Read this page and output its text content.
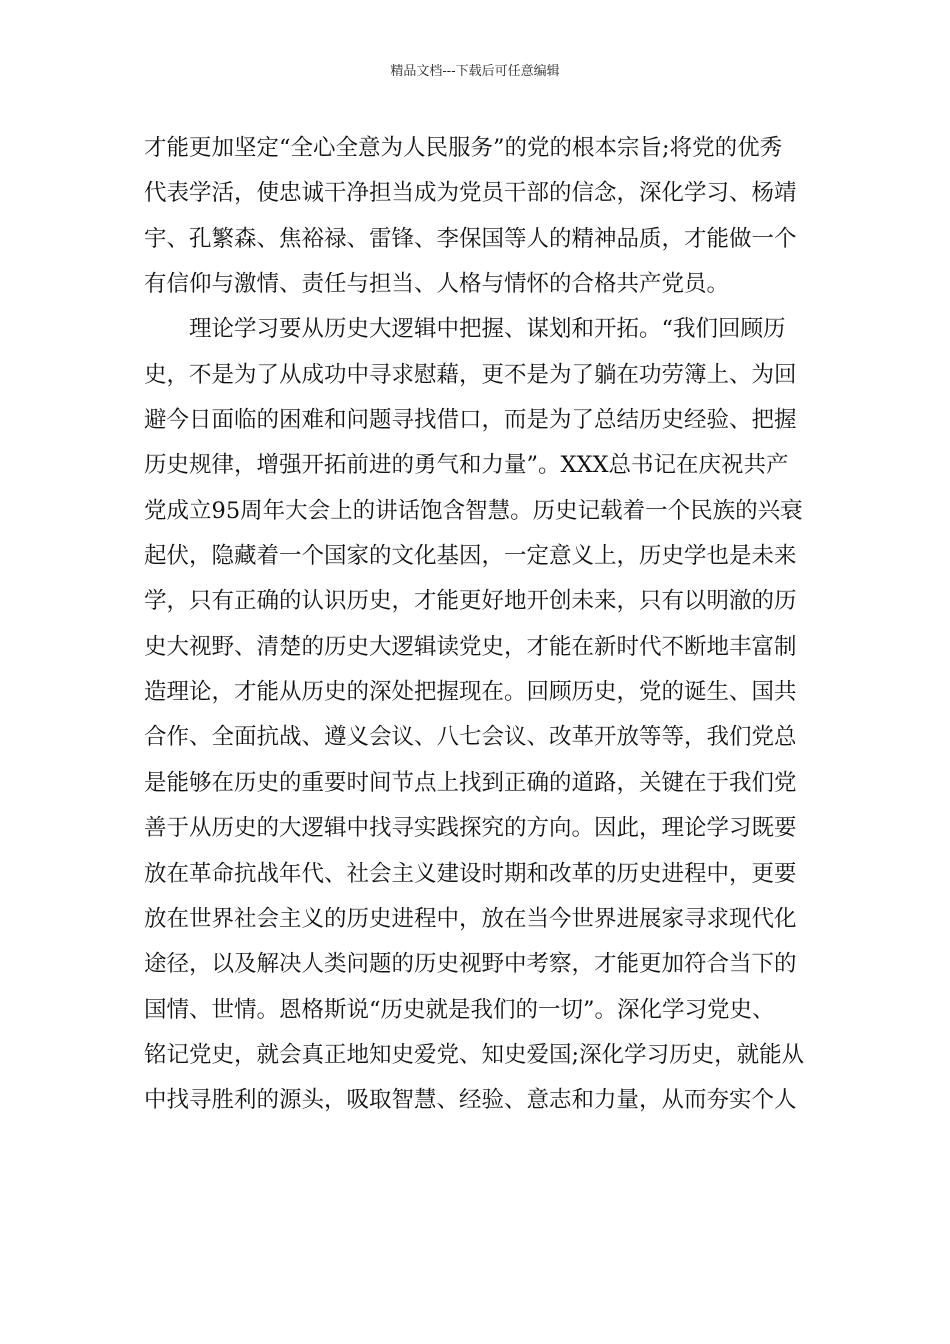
精品文档---下载后可任意编辑
才能更加坚定“全心全意为人民服务”的党的根本宗旨;将党的优秀
代表学活，使忠诚干净担当成为党员干部的信念，深化学习、杨靖
宇、孔繁森、焦裕禄、雷锋、李保国等人的精神品质，才能做一个
有信仰与激情、责任与担当、人格与情怀的合格共产党员。
理论学习要从历史大逻辑中把握、谋划和开拓。“我们回顾历
史，不是为了从成功中寻求慰藉，更不是为了躺在功劳簿上、为回
避今日面临的困难和问题寻找借口，而是为了总结历史经验、把握
历史规律，增强开拓前进的勇气和力量”。XXX总书记在庆祝共产
党成立95周年大会上的讲话饱含智慧。历史记载着一个民族的兴衰
起伏，隐藏着一个国家的文化基因，一定意义上，历史学也是未来
学，只有正确的认识历史，才能更好地开创未来，只有以明澈的历
史大视野、清楚的历史大逻辑读党史，才能在新时代不断地丰富制
造理论，才能从历史的深处把握现在。回顾历史，党的诞生、国共
合作、全面抗战、遵义会议、八七会议、改革开放等等，我们党总
是能够在历史的重要时间节点上找到正确的道路，关键在于我们党
善于从历史的大逻辑中找寻实践探究的方向。因此，理论学习既要
放在革命抗战年代、社会主义建设时期和改革的历史进程中，更要
放在世界社会主义的历史进程中，放在当今世界进展家寻求现代化
途径，以及解决人类问题的历史视野中考察，才能更加符合当下的
国情、世情。恩格斯说“历史就是我们的一切”。深化学习党史、
铭记党史，就会真正地知史爱党、知史爱国;深化学习历史，就能从
中找寻胜利的源头，吸取智慧、经验、意志和力量，从而夯实个人
